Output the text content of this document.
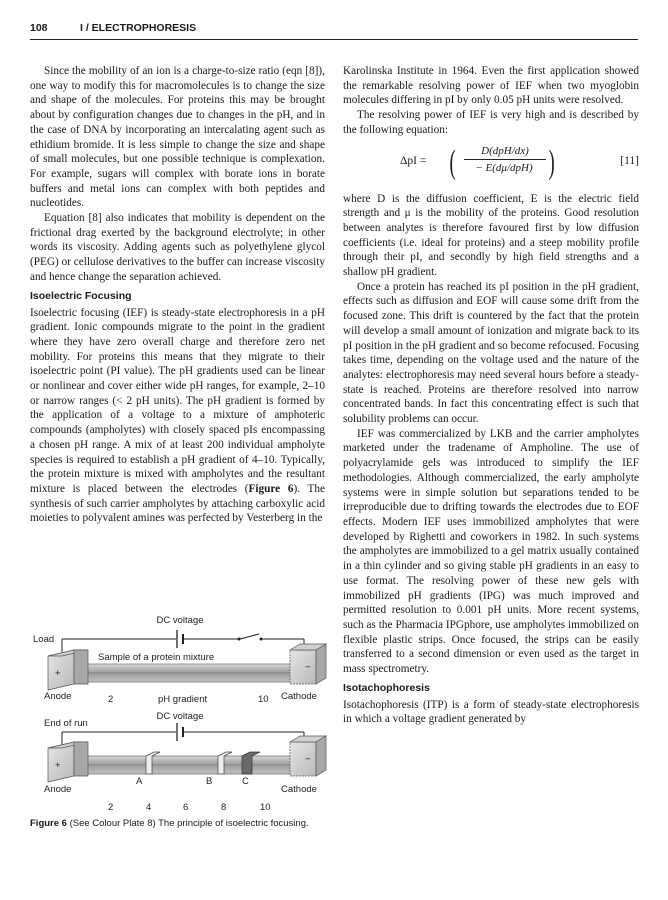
108	I / ELECTROPHORESIS

Since the mobility of an ion is a charge-to-size ratio (eqn [8]), one way to modify this for macromolecules is to change the size and shape of the molecules. For proteins this may be brought about by configuration changes due to changes in the pH, and in the case of DNA by incorporating an intercalating agent such as ethidium bromide. It is less simple to change the size and shape of small molecules, but one possible technique is complexation. For example, sugars will complex with borate ions in borate buffers and metal ions can complex with both peptides and nucleotides.

Equation [8] also indicates that mobility is dependent on the frictional drag exerted by the background electrolyte; in other words its viscosity. Adding agents such as polyethylene glycol (PEG) or cellulose derivatives to the buffer can increase viscosity and hence change the separation achieved.

Isoelectric Focusing

Isoelectric focusing (IEF) is steady-state electrophoresis in a pH gradient. Ionic compounds migrate to the point in the gradient where they have zero overall charge and therefore zero net mobility. For proteins this means that they migrate to their isoelectric point (PI value). The pH gradients used can be linear or nonlinear and cover either wide pH ranges, for example, 2–10 or narrow ranges (< 2 pH units). The pH gradient is formed by the application of a voltage to a mixture of amphoteric compounds (ampholytes) with closely spaced pIs encompassing a chosen pH range. A mix of at least 200 individual ampholyte species is required to establish a pH gradient of 4–10. Typically, the protein mixture is mixed with ampholytes and the resultant mixture is placed between the electrodes (Figure 6). The synthesis of such carrier ampholytes by attaching carboxylic acid moieties to polyvalent amines was perfected by Vesterberg in the

Karolinska Institute in 1964. Even the first application showed the remarkable resolving power of IEF when two myoglobin molecules differing in pI by only 0.05 pH units were resolved.

The resolving power of IEF is very high and is described by the following equation:

ΔpI = (	D(dpH/dx)
− E(dμ/dpH) )	[11]

where D is the diffusion coefficient, E is the electric field strength and μ is the mobility of the proteins. Good resolution between analytes is therefore favoured first by low diffusion coefficients (i.e. ideal for proteins) and a steep mobility profile through their pI, and secondly by high field strengths and a shallow pH gradient.

Once a protein has reached its pI position in the pH gradient, effects such as diffusion and EOF will cause some drift from the focused zone. This drift is countered by the fact that the protein will develop a small amount of ionization and migrate back to its pI position in the pH gradient and so become refocused. Focusing takes time, depending on the voltage used and the nature of the analytes: electrophoresis may need several hours before a steady-state is reached. Proteins are therefore resolved into narrow concentrated bands. In fact this concentrating effect is such that solubility problems can occur.

IEF was commercialized by LKB and the carrier ampholytes marketed under the tradename of Ampholine. The use of polyacrylamide gels was introduced to simplify the IEF methodologies. Although commercialized, the early ampholyte systems were in simple solution but separations tended to be irreproducible due to drifting towards the electrodes due to EOF effects. Modern IEF uses immobilized ampholytes that were developed by Righetti and coworkers in 1982. In such systems the ampholytes are immobilized to a gel matrix usually contained in a thin cylinder and so giving stable pH gradients in an easy to use format. The resolving power of these new gels with immobilized pH gradients (IPG) was much improved and permitted resolution to 0.001 pH units. More recent systems, such as the Pharmacia IPGphore, use ampholytes immobilized on flexible plastic strips. Once focused, the strips can be easily transferred to a second dimension or even used as the target in mass spectrometry.

Isotachophoresis

Isotachophoresis (ITP) is a form of steady-state electrophoresis in which a voltage gradient generated by

DC voltage
Load
Sample of a protein mixture
+
−
Anode	2	pH gradient	10 Cathode
DC voltage
End of run
+
−
A	B	C
Anode	Cathode
2	4	6	8	10
Figure 6 (See Colour Plate 8) The principle of isoelectric focusing.
